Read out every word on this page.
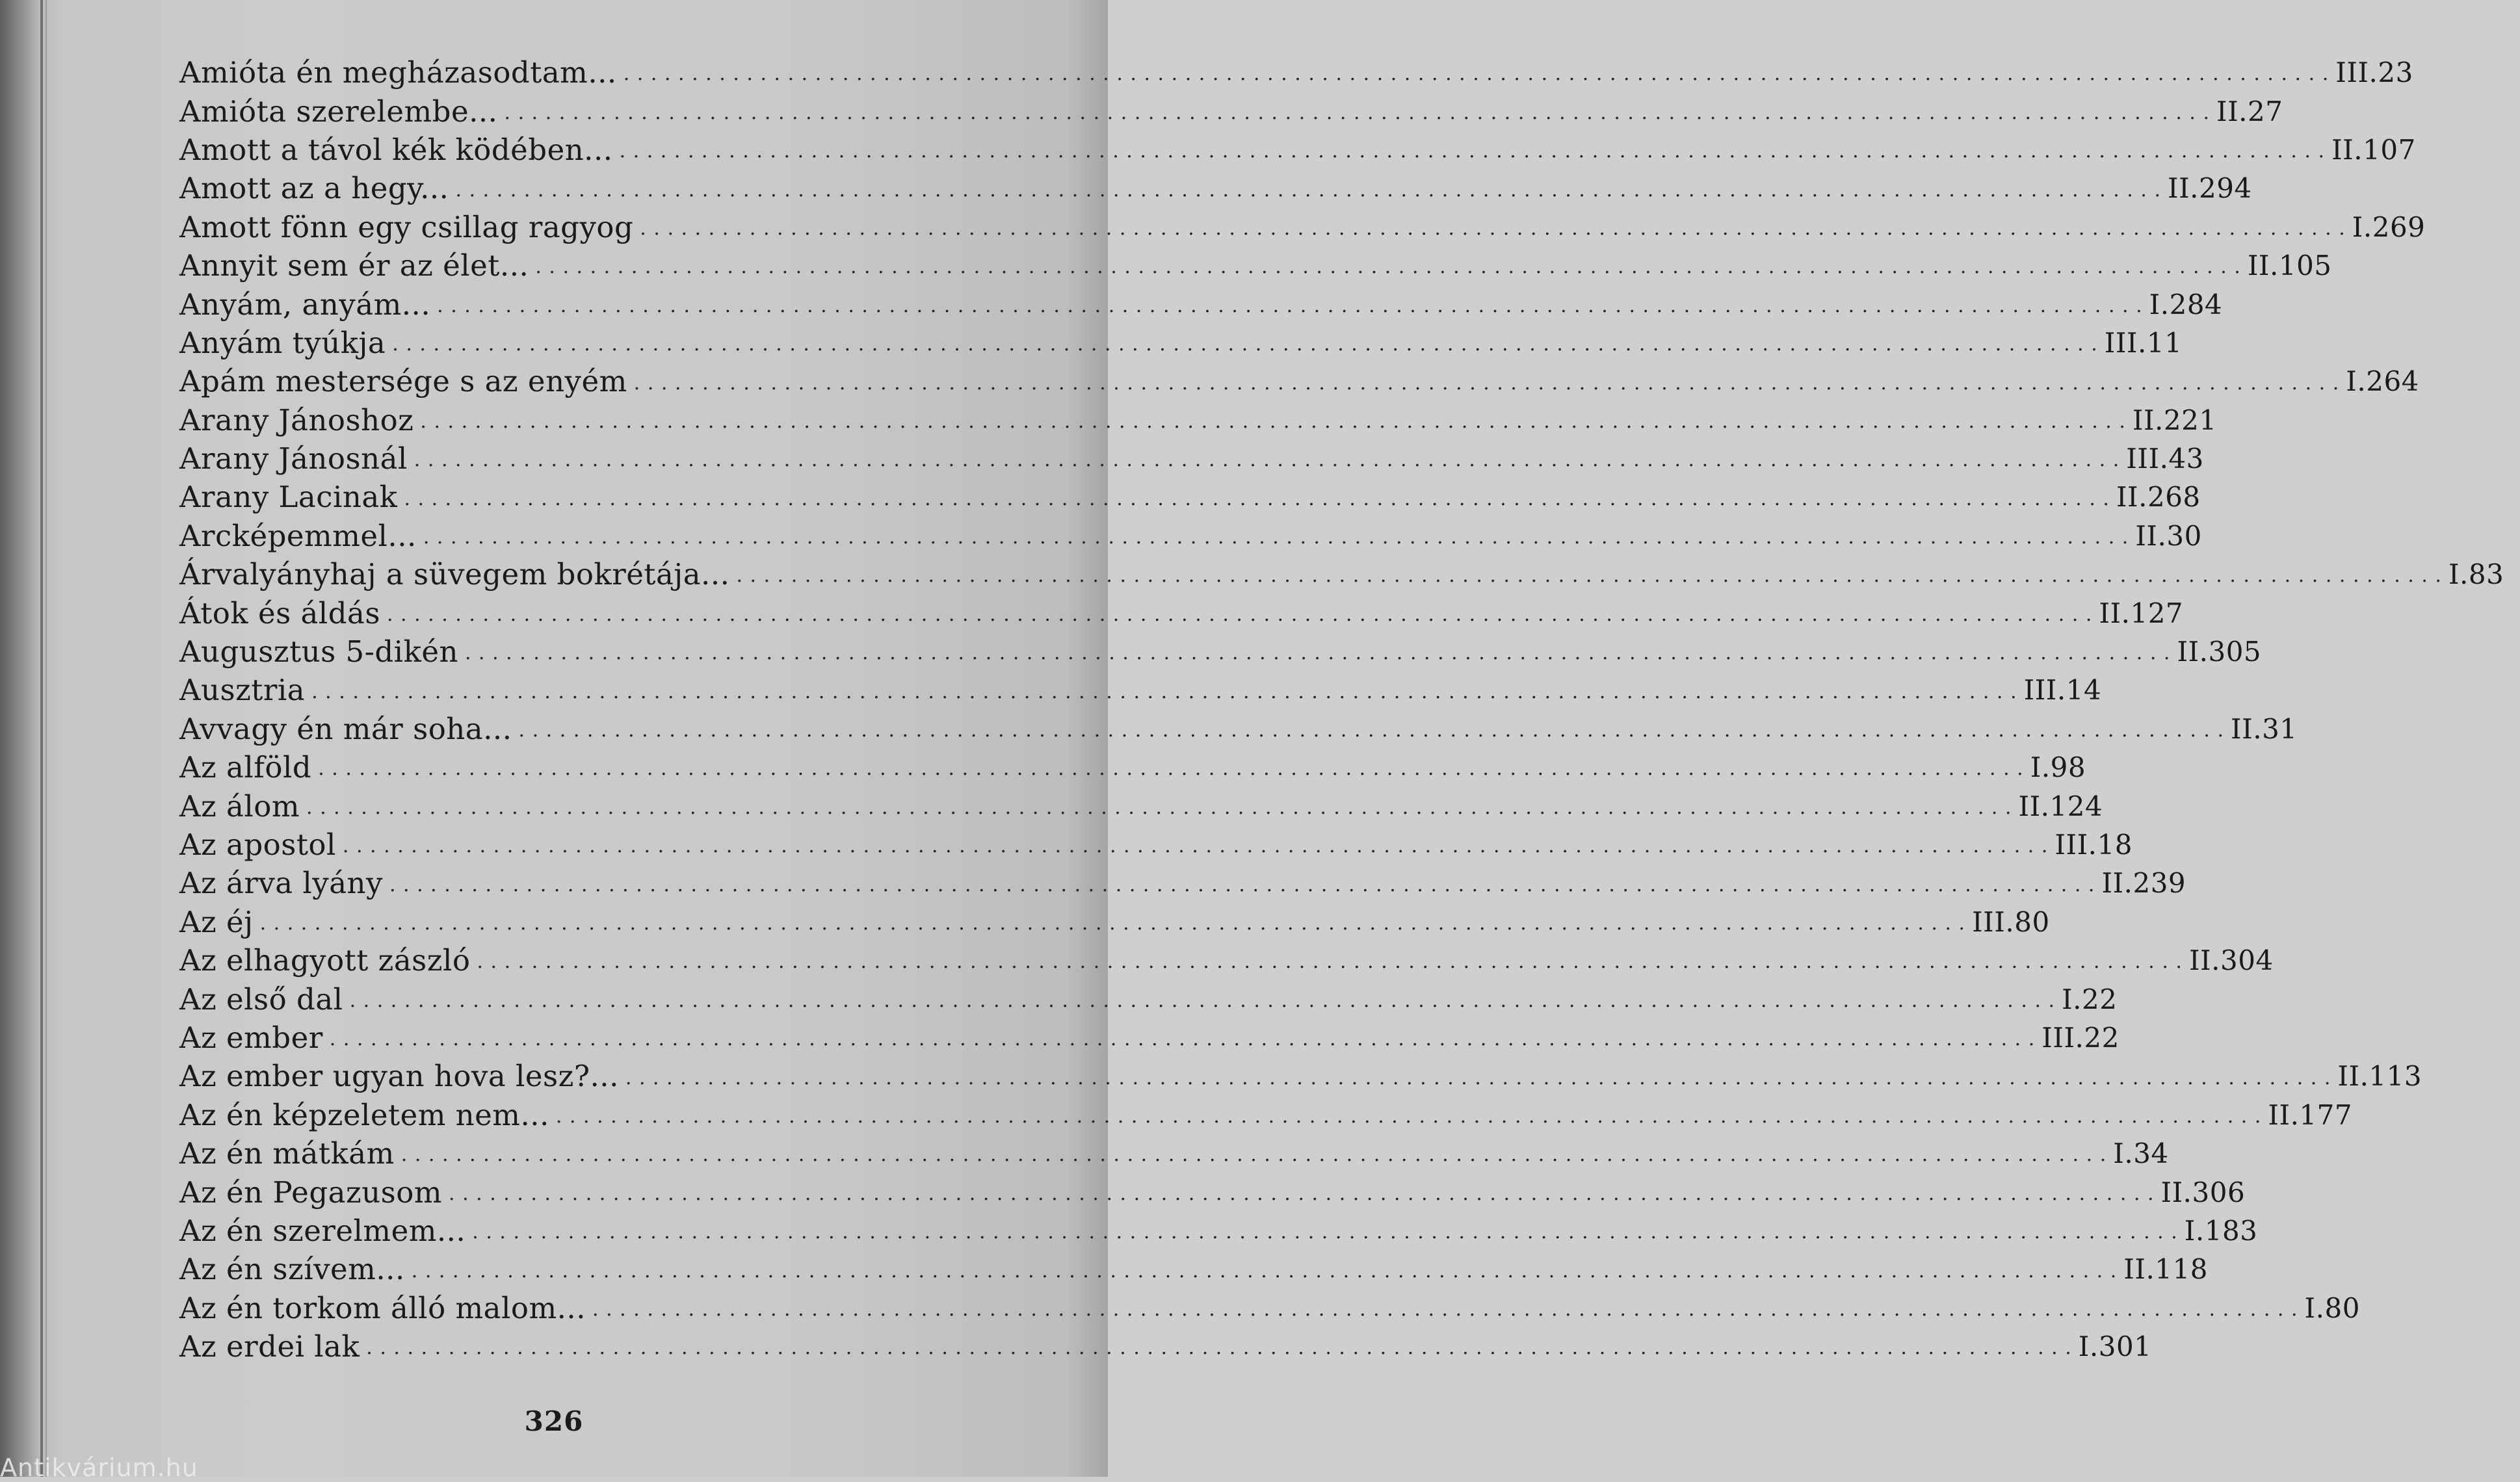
Amióta én megházasodtam... . . .	III.23
Amióta szerelembe... . . .	II.27
Amott a távol kék ködében... . . .	II.107
Amott az a hegy... . . .	II.294
Amott fönn egy csillag ragyog . . .	I.269
Annyit sem ér az élet... . . .	II.105
Anyám, anyám... . . .	I.284
Anyám tyúkja . . .	III.11
Apám mestersége s az enyém . . .	I.264
Arany Jánoshoz . . .	II.221
Arany Jánosnál . . .	III.43
Arany Lacinak . . .	II.268
Arcképemmel... . . .	II.30
Árvalyányhaj a süvegem bokrétája... . . .	I.83
Átok és áldás . . .	II.127
Augusztus 5-dikén . . .	II.305
Ausztria . . .	III.14
Avvagy én már soha... . . .	II.31
Az alföld . . .	I.98
Az álom . . .	II.124
Az apostol . . .	III.18
Az árva lyány . . .	II.239
Az éj . . .	III.80
Az elhagyott zászló . . .	II.304
Az első dal . . .	I.22
Az ember . . .	III.22
Az ember ugyan hova lesz?... . . .	II.113
Az én képzeletem nem... . . .	II.177
Az én mátkám . . .	I.34
Az én Pegazusom . . .	II.306
Az én szerelmem... . . .	I.183
Az én szívem... . . .	II.118
Az én torkom álló malom... . . .	I.80
Az erdei lak . . .	I.301
326
Antikvárium.hu
